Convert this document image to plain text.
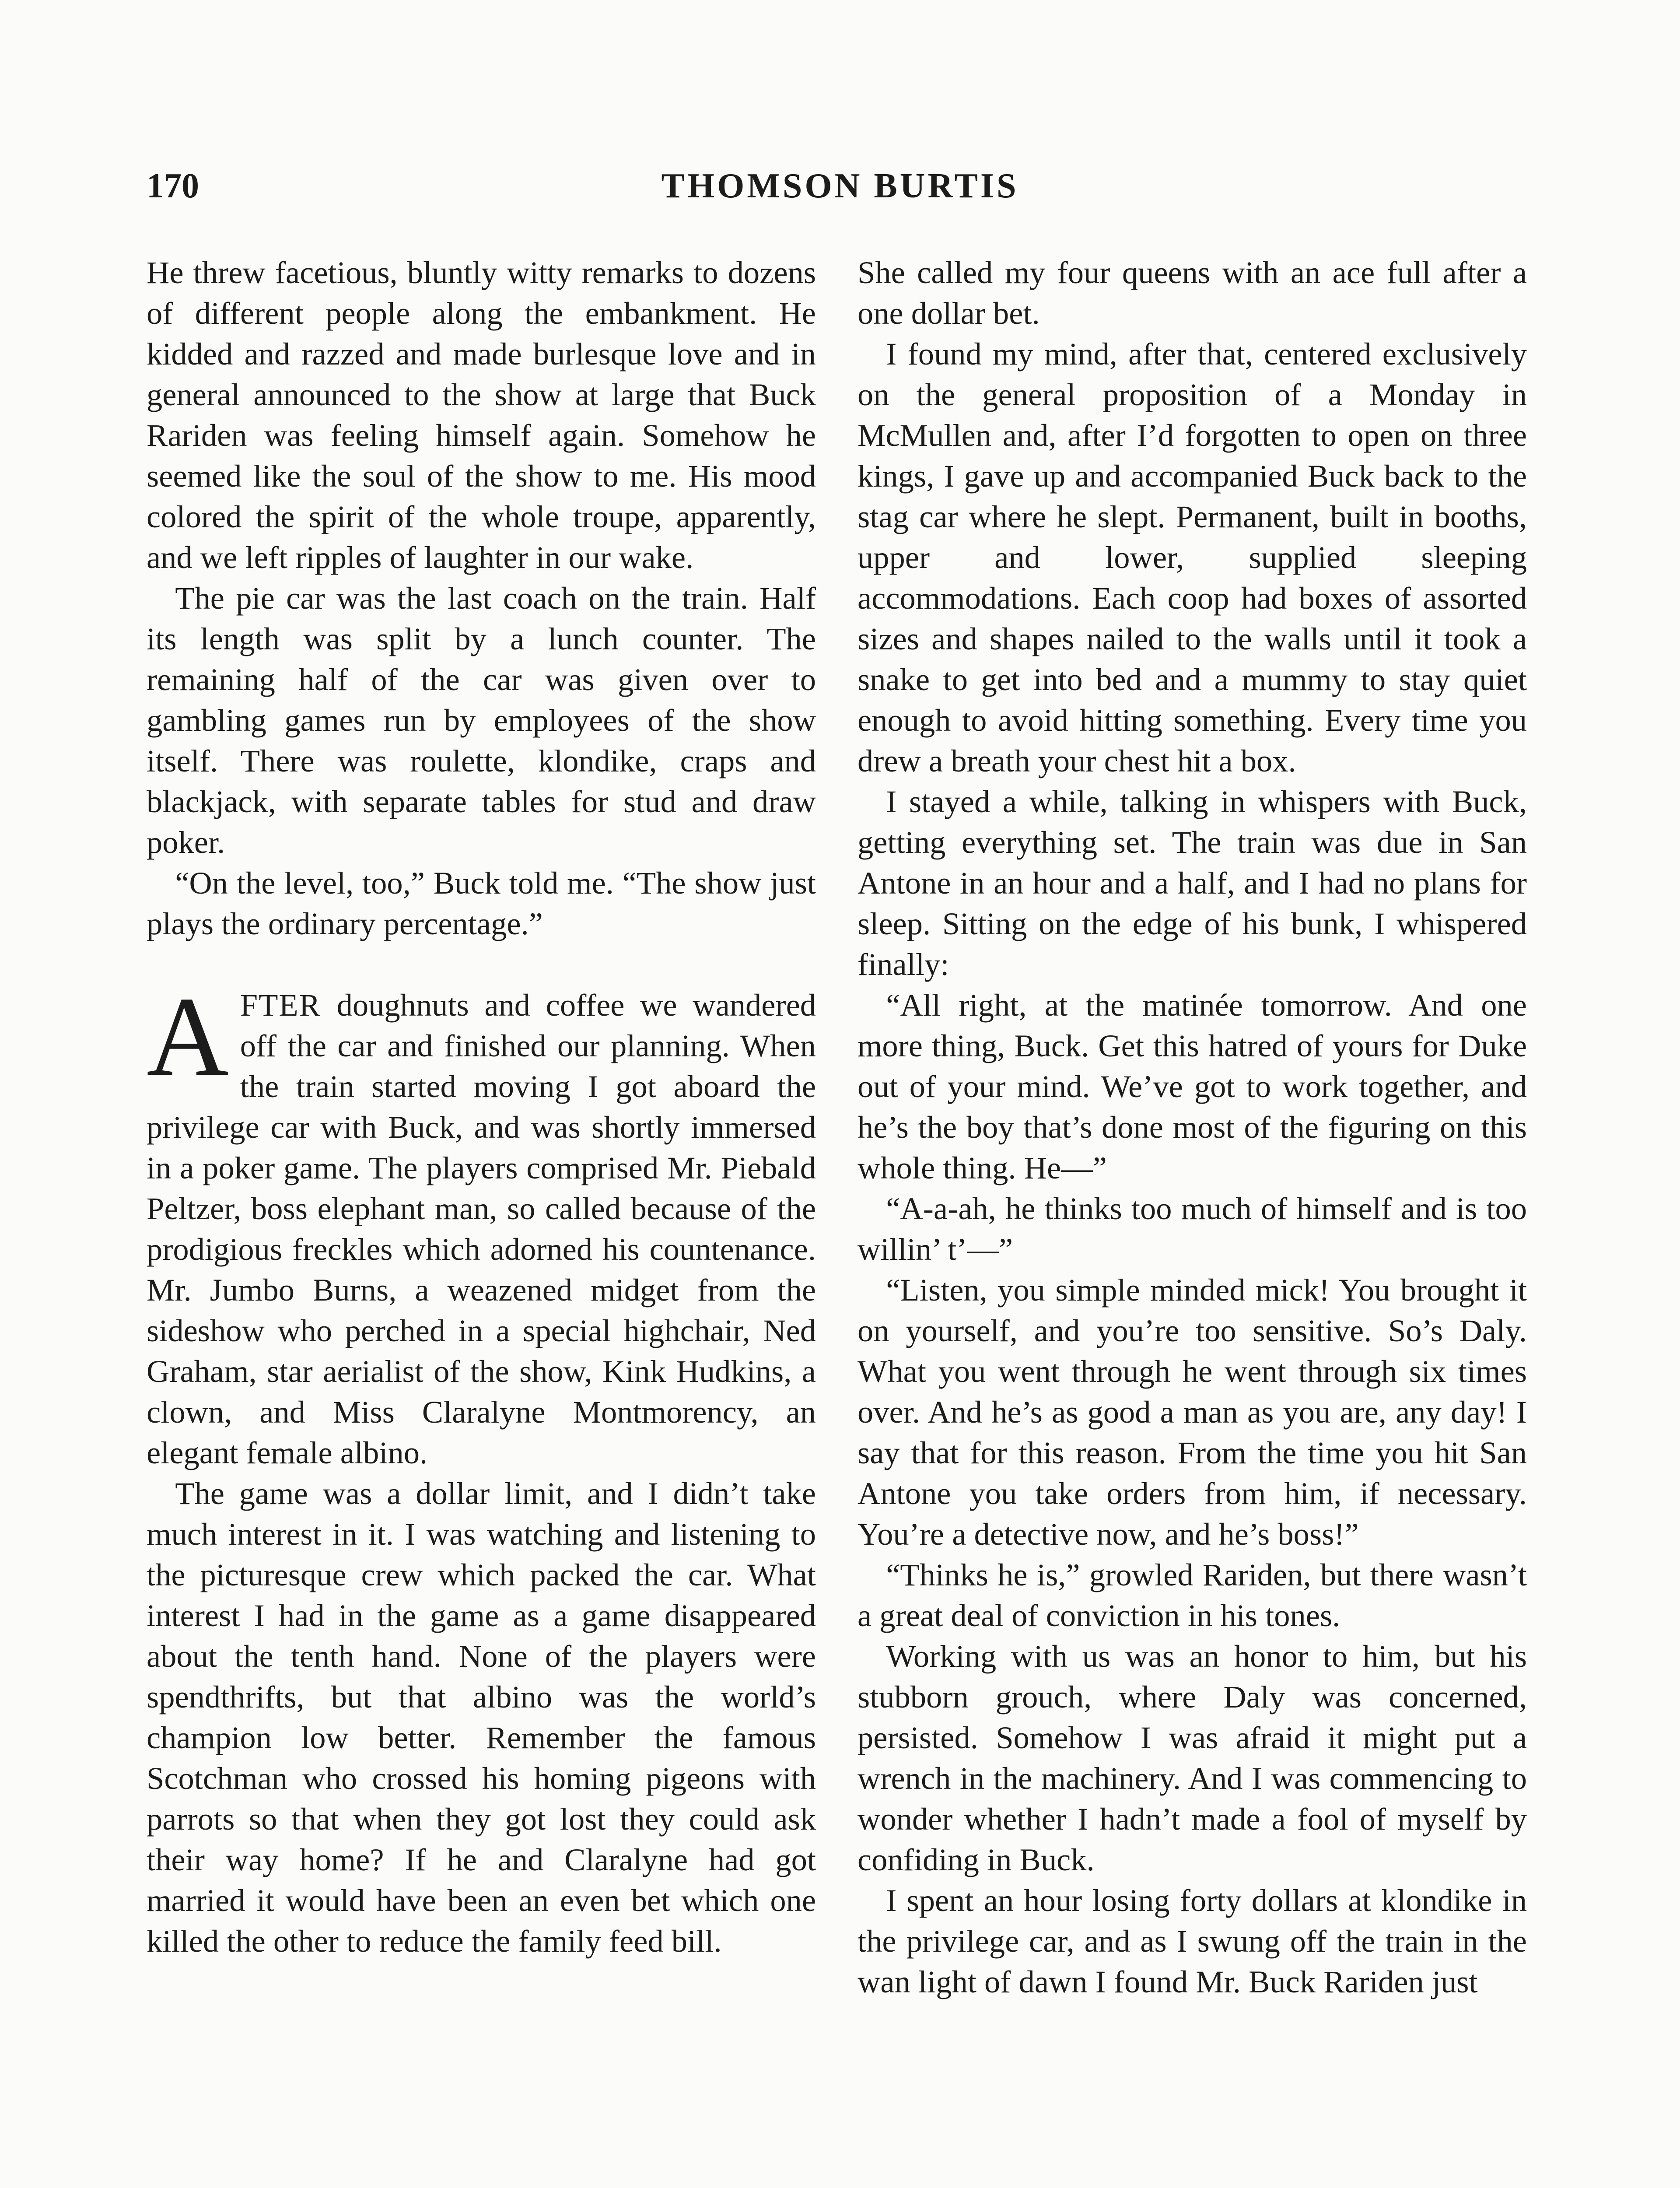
170	THOMSON BURTIS

He threw facetious, bluntly witty remarks to dozens of different people along the embankment. He kidded and razzed and made burlesque love and in general announced to the show at large that Buck Rariden was feeling himself again. Somehow he seemed like the soul of the show to me. His mood colored the spirit of the whole troupe, apparently, and we left ripples of laughter in our wake.

The pie car was the last coach on the train. Half its length was split by a lunch counter. The remaining half of the car was given over to gambling games run by employees of the show itself. There was roulette, klondike, craps and blackjack, with separate tables for stud and draw poker.

“On the level, too,” Buck told me. “The show just plays the ordinary percentage.”

AFTER doughnuts and coffee we wandered off the car and finished our planning. When the train started moving I got aboard the privilege car with Buck, and was shortly immersed in a poker game. The players comprised Mr. Piebald Peltzer, boss elephant man, so called because of the prodigious freckles which adorned his countenance. Mr. Jumbo Burns, a weazened midget from the sideshow who perched in a special highchair, Ned Graham, star aerialist of the show, Kink Hudkins, a clown, and Miss Claralyne Montmorency, an elegant female albino.

The game was a dollar limit, and I didn’t take much interest in it. I was watching and listening to the picturesque crew which packed the car. What interest I had in the game as a game disappeared about the tenth hand. None of the players were spendthrifts, but that albino was the world’s champion low better. Remember the famous Scotchman who crossed his homing pigeons with parrots so that when they got lost they could ask their way home? If he and Claralyne had got married it would have been an even bet which one killed the other to reduce the family feed bill.

She called my four queens with an ace full after a one dollar bet.

I found my mind, after that, centered exclusively on the general proposition of a Monday in McMullen and, after I’d forgotten to open on three kings, I gave up and accompanied Buck back to the stag car where he slept. Permanent, built in booths, upper and lower, supplied sleeping accommodations. Each coop had boxes of assorted sizes and shapes nailed to the walls until it took a snake to get into bed and a mummy to stay quiet enough to avoid hitting something. Every time you drew a breath your chest hit a box.

I stayed a while, talking in whispers with Buck, getting everything set. The train was due in San Antone in an hour and a half, and I had no plans for sleep. Sitting on the edge of his bunk, I whispered finally:

“All right, at the matinée tomorrow. And one more thing, Buck. Get this hatred of yours for Duke out of your mind. We’ve got to work together, and he’s the boy that’s done most of the figuring on this whole thing. He—”

“A-a-ah, he thinks too much of himself and is too willin’ t’—”

“Listen, you simple minded mick! You brought it on yourself, and you’re too sensitive. So’s Daly. What you went through he went through six times over. And he’s as good a man as you are, any day! I say that for this reason. From the time you hit San Antone you take orders from him, if necessary. You’re a detective now, and he’s boss!”

“Thinks he is,” growled Rariden, but there wasn’t a great deal of conviction in his tones.

Working with us was an honor to him, but his stubborn grouch, where Daly was concerned, persisted. Somehow I was afraid it might put a wrench in the machinery. And I was commencing to wonder whether I hadn’t made a fool of myself by confiding in Buck.

I spent an hour losing forty dollars at klondike in the privilege car, and as I swung off the train in the wan light of dawn I found Mr. Buck Rariden just
